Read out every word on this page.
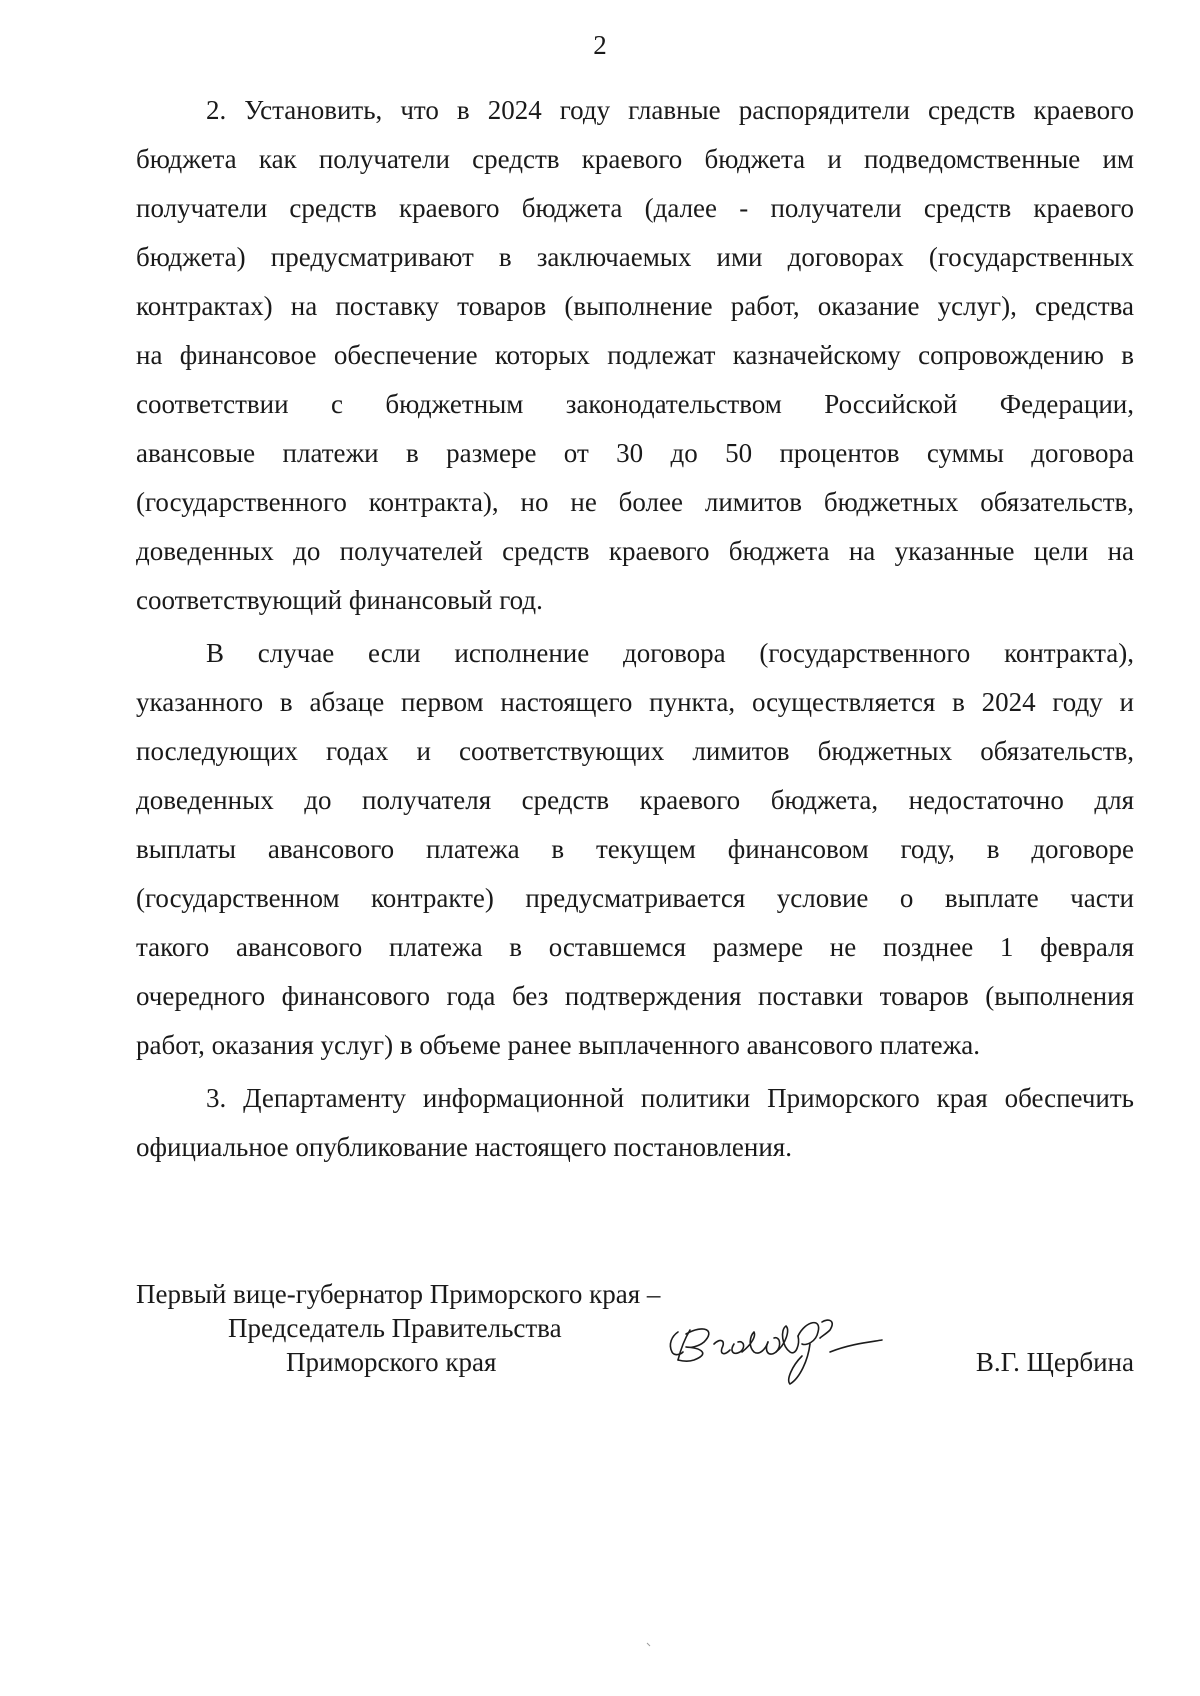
2
2. Установить, что в 2024 году главные распорядители средств краевого
бюджета как получатели средств краевого бюджета и подведомственные им
получатели средств краевого бюджета (далее - получатели средств краевого
бюджета) предусматривают в заключаемых ими договорах (государственных
контрактах) на поставку товаров (выполнение работ, оказание услуг), средства
на финансовое обеспечение которых подлежат казначейскому сопровождению в
соответствии с бюджетным законодательством Российской Федерации,
авансовые платежи в размере от 30 до 50 процентов суммы договора
(государственного контракта), но не более лимитов бюджетных обязательств,
доведенных до получателей средств краевого бюджета на указанные цели на
соответствующий финансовый год.
В случае если исполнение договора (государственного контракта),
указанного в абзаце первом настоящего пункта, осуществляется в 2024 году и
последующих годах и соответствующих лимитов бюджетных обязательств,
доведенных до получателя средств краевого бюджета, недостаточно для
выплаты авансового платежа в текущем финансовом году, в договоре
(государственном контракте) предусматривается условие о выплате части
такого авансового платежа в оставшемся размере не позднее 1 февраля
очередного финансового года без подтверждения поставки товаров (выполнения
работ, оказания услуг) в объеме ранее выплаченного авансового платежа.
3. Департаменту информационной политики Приморского края обеспечить
официальное опубликование настоящего постановления.
Первый вице-губернатор Приморского края –
Председатель Правительства
Приморского края	В.Г. Щербина
